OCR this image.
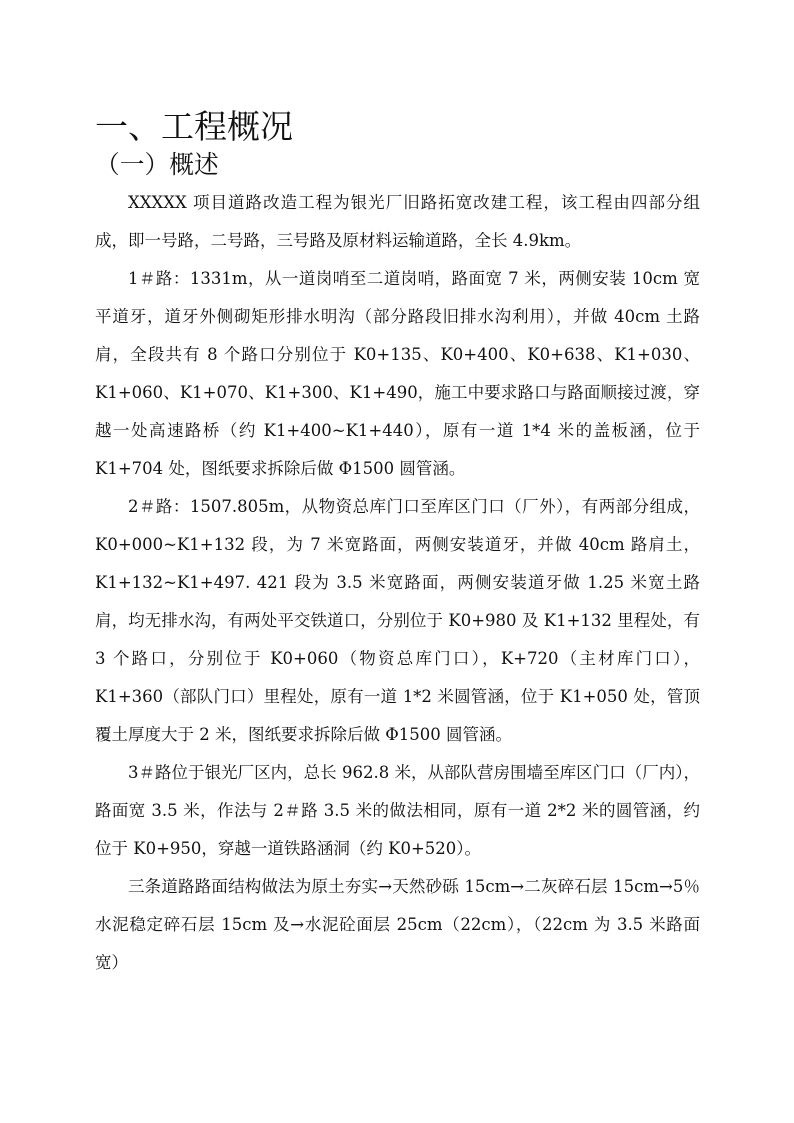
一、工程概况
（一）概述

XXXXX 项目道路改造工程为银光厂旧路拓宽改建工程，该工程由四部分组成，即一号路，二号路，三号路及原材料运输道路，全长 4.9km。

1＃路：1331m，从一道岗哨至二道岗哨，路面宽 7 米，两侧安装 10cm 宽平道牙，道牙外侧砌矩形排水明沟（部分路段旧排水沟利用），并做 40cm 土路肩，全段共有 8 个路口分别位于 K0+135、K0+400、K0+638、K1+030、K1+060、K1+070、K1+300、K1+490，施工中要求路口与路面顺接过渡，穿越一处高速路桥（约 K1+400~K1+440），原有一道 1*4 米的盖板涵，位于 K1+704 处，图纸要求拆除后做 Φ1500 圆管涵。

2＃路：1507.805m，从物资总库门口至库区门口（厂外），有两部分组成，K0+000~K1+132 段，为 7 米宽路面，两侧安装道牙，并做 40cm 路肩土，K1+132~K1+497. 421 段为 3.5 米宽路面，两侧安装道牙做 1.25 米宽土路肩，均无排水沟，有两处平交铁道口，分别位于 K0+980 及 K1+132 里程处，有 3 个路口，分别位于 K0+060（物资总库门口），K+720（主材库门口），K1+360（部队门口）里程处，原有一道 1*2 米圆管涵，位于 K1+050 处，管顶覆土厚度大于 2 米，图纸要求拆除后做 Φ1500 圆管涵。

3＃路位于银光厂区内，总长 962.8 米，从部队营房围墙至库区门口（厂内），路面宽 3.5 米，作法与 2＃路 3.5 米的做法相同，原有一道 2*2 米的圆管涵，约位于 K0+950，穿越一道铁路涵洞（约 K0+520）。

三条道路路面结构做法为原土夯实→天然砂砾 15cm→二灰碎石层 15cm→5％水泥稳定碎石层 15cm 及→水泥砼面层 25cm（22cm），（22cm 为 3.5 米路面宽）
